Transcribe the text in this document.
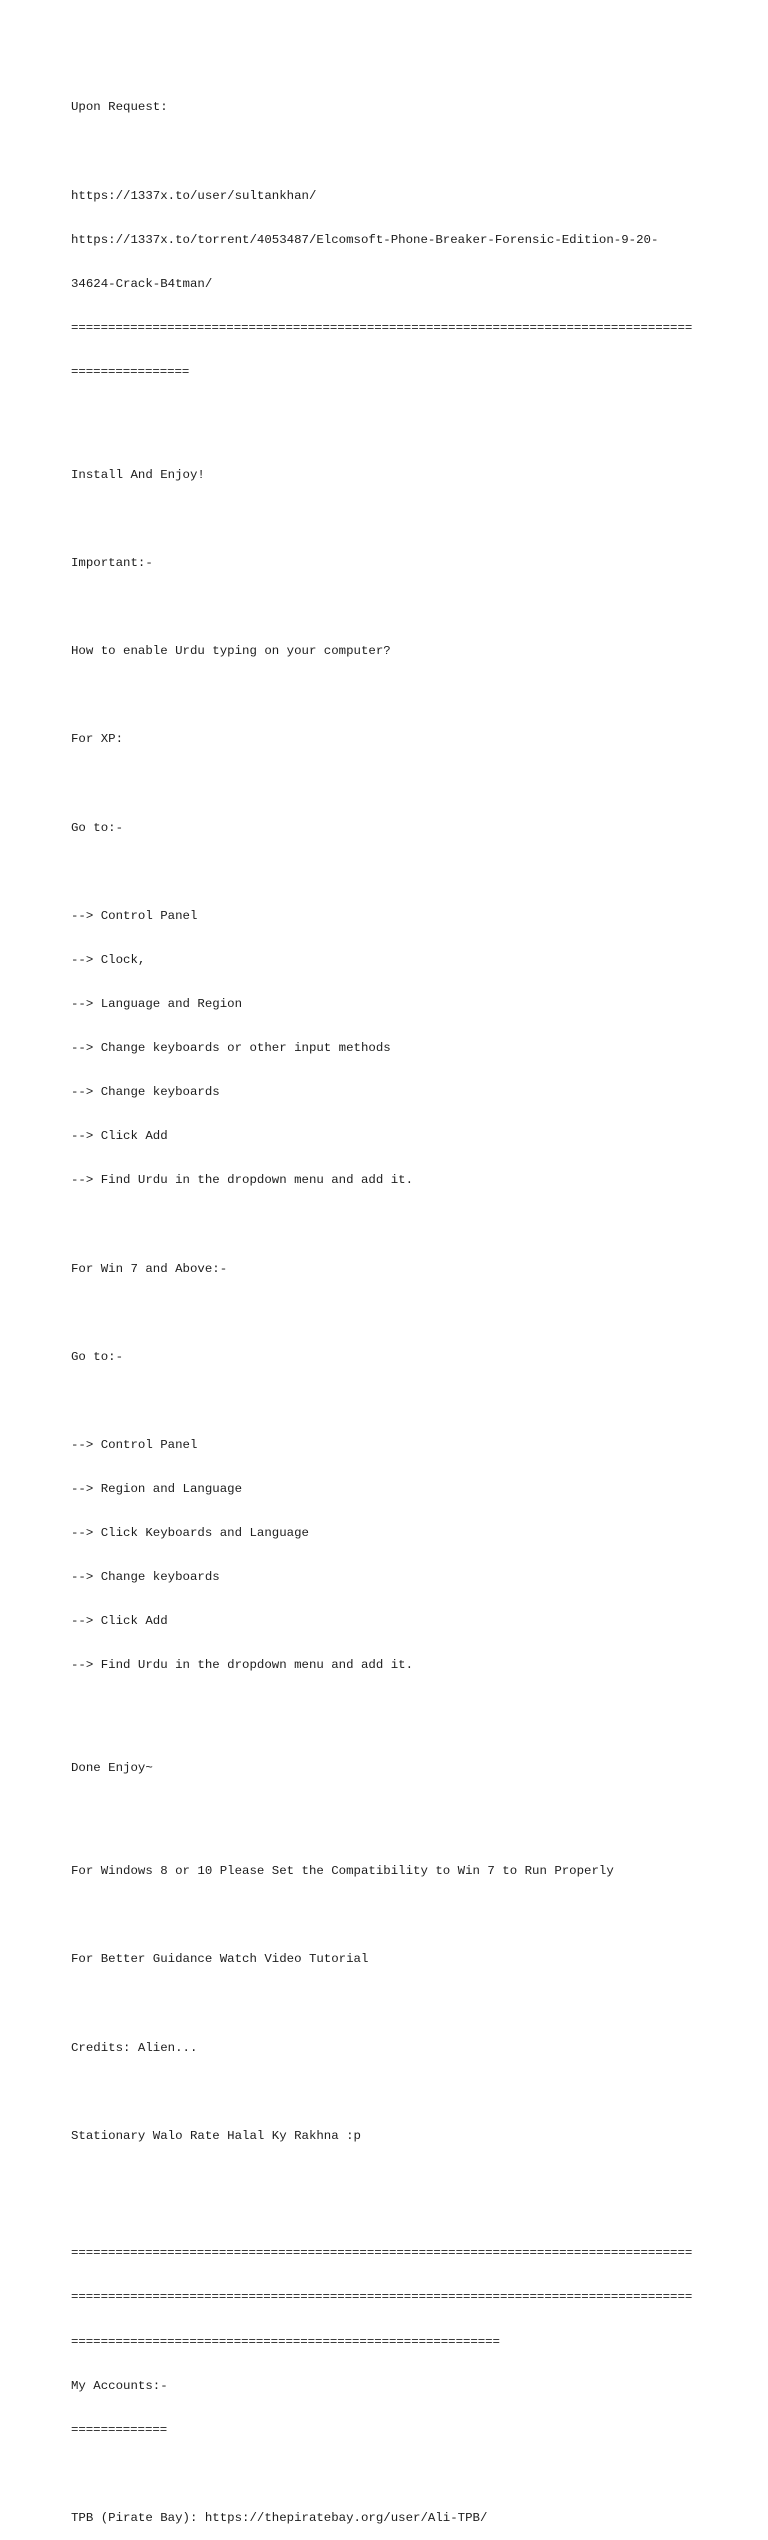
Upon Request:

https://1337x.to/user/sultankhan/

https://1337x.to/torrent/4053487/Elcomsoft-Phone-Breaker-Forensic-Edition-9-20-

34624-Crack-B4tman/

====================================================================================

================

Install And Enjoy!

Important:-

How to enable Urdu typing on your computer?

For XP:

Go to:-

--> Control Panel

--> Clock,

--> Language and Region

--> Change keyboards or other input methods

--> Change keyboards

--> Click Add

--> Find Urdu in the dropdown menu and add it.

For Win 7 and Above:-

Go to:-

--> Control Panel

--> Region and Language

--> Click Keyboards and Language

--> Change keyboards

--> Click Add

--> Find Urdu in the dropdown menu and add it.

Done Enjoy~

For Windows 8 or 10 Please Set the Compatibility to Win 7 to Run Properly

For Better Guidance Watch Video Tutorial

Credits: Alien...

Stationary Walo Rate Halal Ky Rakhna :p

====================================================================================

====================================================================================

==========================================================

My Accounts:-

=============

TPB (Pirate Bay): https://thepiratebay.org/user/Ali-TPB/
